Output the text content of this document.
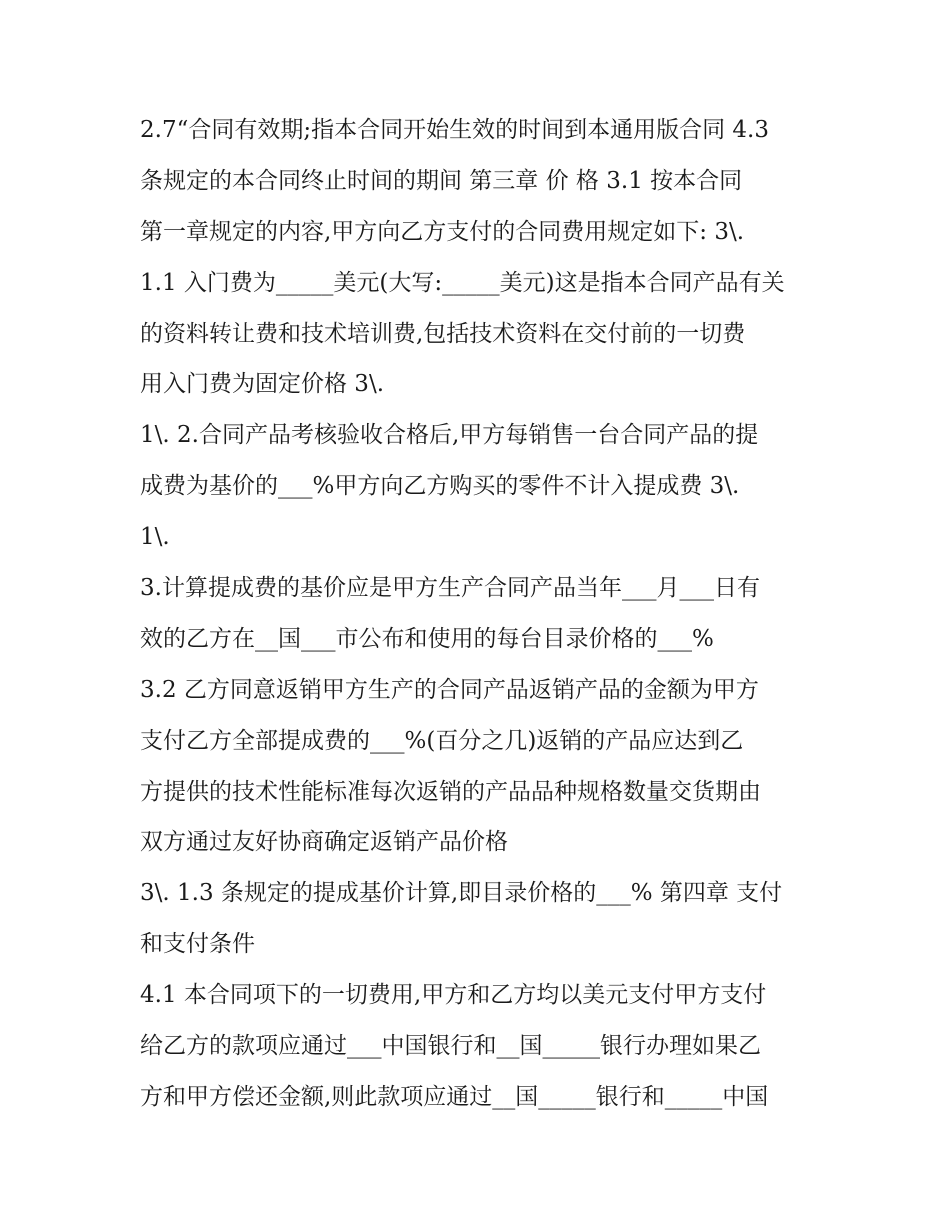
2.7“合同有效期;指本合同开始生效的时间到本通用版合同 4.3
条规定的本合同终止时间的期间 第三章 价 格 3.1 按本合同
第一章规定的内容,甲方向乙方支付的合同费用规定如下: 3\.
1.1 入门费为_____美元(大写:_____美元)这是指本合同产品有关
的资料转让费和技术培训费,包括技术资料在交付前的一切费
用入门费为固定价格 3\.
1\. 2.合同产品考核验收合格后,甲方每销售一台合同产品的提
成费为基价的___%甲方向乙方购买的零件不计入提成费 3\.
1\.
3.计算提成费的基价应是甲方生产合同产品当年___月___日有
效的乙方在__国___市公布和使用的每台目录价格的___%
3.2 乙方同意返销甲方生产的合同产品返销产品的金额为甲方
支付乙方全部提成费的___%(百分之几)返销的产品应达到乙
方提供的技术性能标准每次返销的产品品种规格数量交货期由
双方通过友好协商确定返销产品价格
3\. 1.3 条规定的提成基价计算,即目录价格的___% 第四章 支付
和支付条件
4.1 本合同项下的一切费用,甲方和乙方均以美元支付甲方支付
给乙方的款项应通过___中国银行和__国_____银行办理如果乙
方和甲方偿还金额,则此款项应通过__国_____银行和_____中国
